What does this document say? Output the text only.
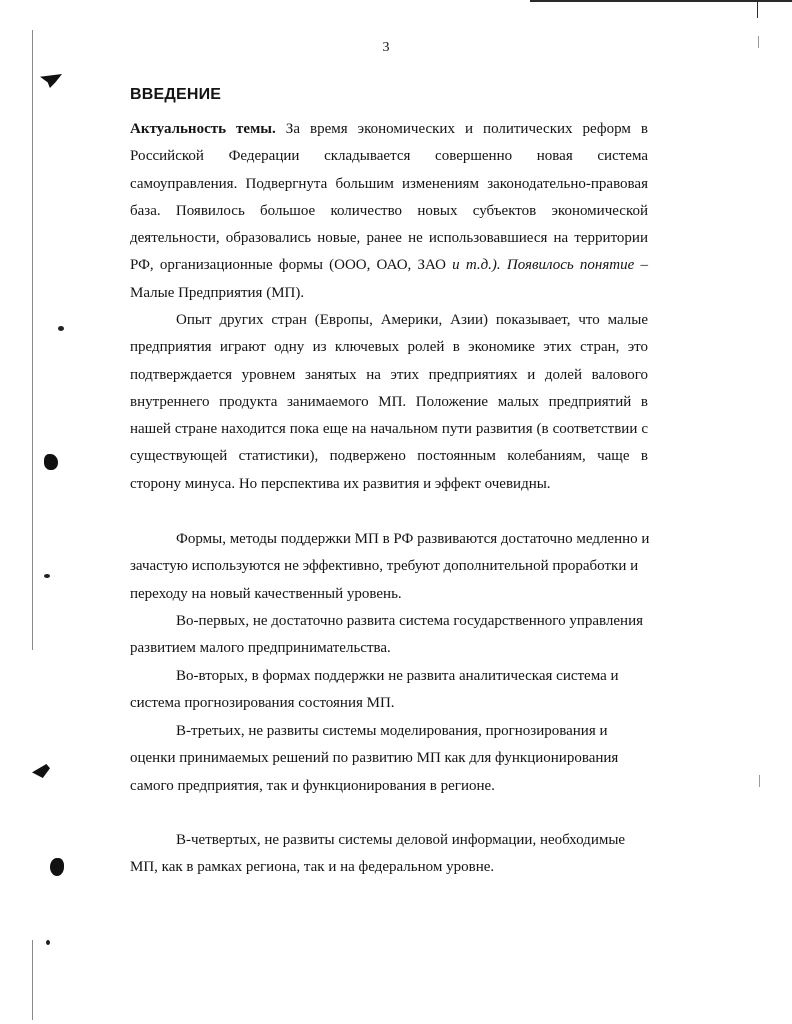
3
ВВЕДЕНИЕ

Актуальность темы. За время экономических и политических реформ в Российской Федерации складывается совершенно новая система самоуправления. Подвергнута большим изменениям законодательно-правовая база. Появилось большое количество новых субъектов экономической деятельности, образовались новые, ранее не использовавшиеся на территории РФ, организационные формы (ООО, ОАО, ЗАО и т.д.). Появилось понятие – Малые Предприятия (МП).

Опыт других стран (Европы, Америки, Азии) показывает, что малые предприятия играют одну из ключевых ролей в экономике этих стран, это подтверждается уровнем занятых на этих предприятиях и долей валового внутреннего продукта занимаемого МП. Положение малых предприятий в нашей стране находится пока еще на начальном пути развития (в соответствии с существующей статистики), подвержено постоянным колебаниям, чаще в сторону минуса. Но перспектива их развития и эффект очевидны.

Формы, методы поддержки МП в РФ развиваются достаточно медленно и зачастую используются не эффективно, требуют дополнительной проработки и переходу на новый качественный уровень.

Во-первых, не достаточно развита система государственного управления развитием малого предпринимательства.

Во-вторых, в формах поддержки не развита аналитическая система и система прогнозирования состояния МП.

В-третьих, не развиты системы моделирования, прогнозирования и оценки принимаемых решений по развитию МП как для функционирования самого предприятия, так и функционирования в регионе.

В-четвертых, не развиты системы деловой информации, необходимые МП, как в рамках региона, так и на федеральном уровне.
